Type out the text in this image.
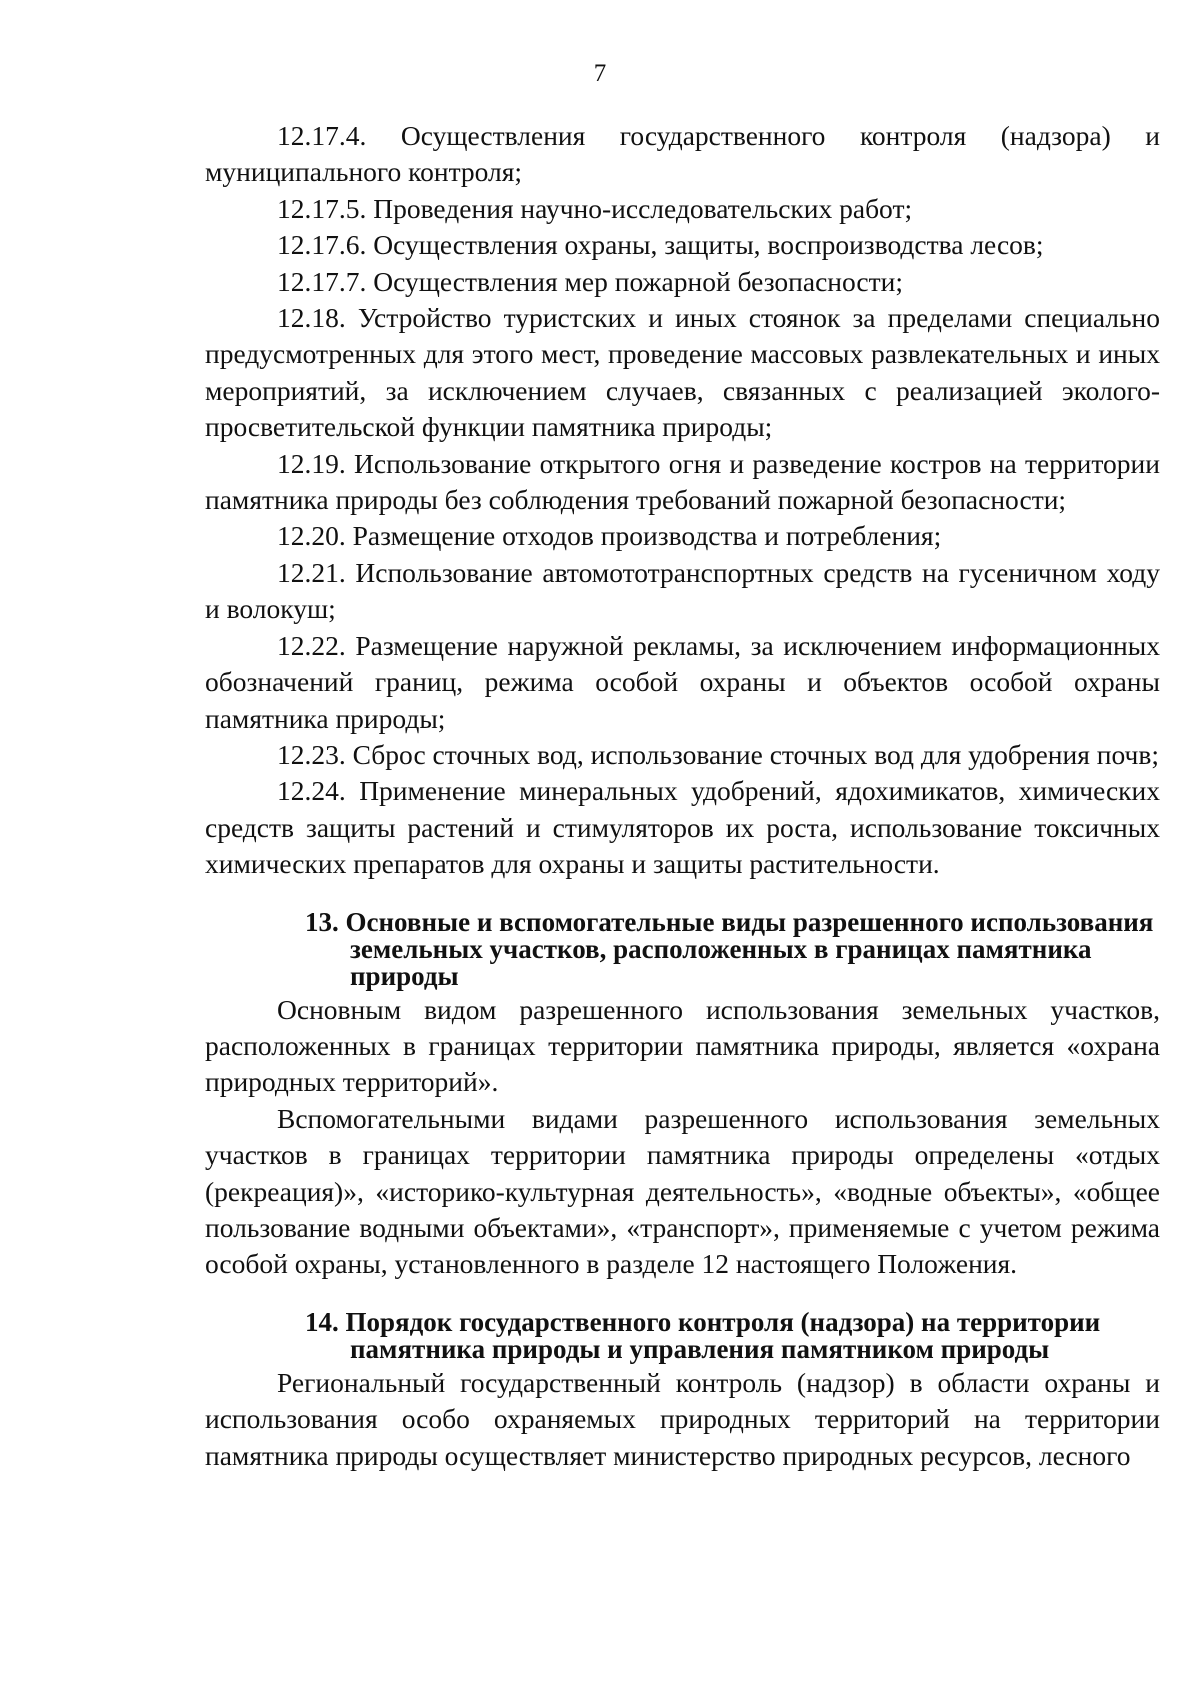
7

12.17.4. Осуществления государственного контроля (надзора) и муниципального контроля;

12.17.5. Проведения научно-исследовательских работ;

12.17.6. Осуществления охраны, защиты, воспроизводства лесов;

12.17.7. Осуществления мер пожарной безопасности;

12.18. Устройство туристских и иных стоянок за пределами специально предусмотренных для этого мест, проведение массовых развлекательных и иных мероприятий, за исключением случаев, связанных с реализацией эколого-просветительской функции памятника природы;

12.19. Использование открытого огня и разведение костров на территории памятника природы без соблюдения требований пожарной безопасности;

12.20. Размещение отходов производства и потребления;

12.21. Использование автомототранспортных средств на гусеничном ходу и волокуш;

12.22. Размещение наружной рекламы, за исключением информационных обозначений границ, режима особой охраны и объектов особой охраны памятника природы;

12.23. Сброс сточных вод, использование сточных вод для удобрения почв;

12.24. Применение минеральных удобрений, ядохимикатов, химических средств защиты растений и стимуляторов их роста, использование токсичных химических препаратов для охраны и защиты растительности.

13. Основные и вспомогательные виды разрешенного использования земельных участков, расположенных в границах памятника природы

Основным видом разрешенного использования земельных участков, расположенных в границах территории памятника природы, является «охрана природных территорий».

Вспомогательными видами разрешенного использования земельных участков в границах территории памятника природы определены «отдых (рекреация)», «историко-культурная деятельность», «водные объекты», «общее пользование водными объектами», «транспорт», применяемые с учетом режима особой охраны, установленного в разделе 12 настоящего Положения.

14. Порядок государственного контроля (надзора) на территории памятника природы и управления памятником природы

Региональный государственный контроль (надзор) в области охраны и использования особо охраняемых природных территорий на территории памятника природы осуществляет министерство природных ресурсов, лесного
